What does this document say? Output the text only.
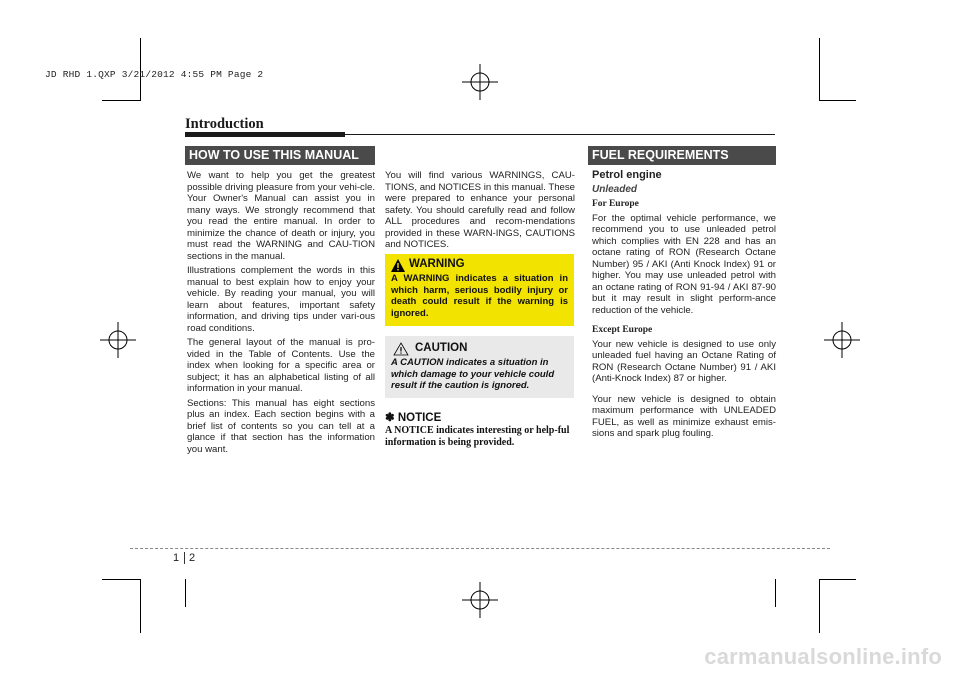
JD RHD 1.QXP 3/21/2012 4:55 PM Page 2
Introduction
HOW TO USE THIS MANUAL	FUEL REQUIREMENTS

We want to help you get the greatest possible driving pleasure from your vehi-cle. Your Owner's Manual can assist you in many ways. We strongly recommend that you read the entire manual. In order to minimize the chance of death or injury, you must read the WARNING and CAU-TION sections in the manual.

Illustrations complement the words in this manual to best explain how to enjoy your vehicle. By reading your manual, you will learn about features, important safety information, and driving tips under vari-ous road conditions.

The general layout of the manual is pro-vided in the Table of Contents. Use the index when looking for a specific area or subject; it has an alphabetical listing of all information in your manual.

Sections: This manual has eight sections plus an index. Each section begins with a brief list of contents so you can tell at a glance if that section has the information you want.

You will find various WARNINGS, CAU-TIONS, and NOTICES in this manual. These were prepared to enhance your personal safety. You should carefully read and follow ALL procedures and recom-mendations provided in these WARN-INGS, CAUTIONS and NOTICES.
WARNING
A WARNING indicates a situation in which harm, serious bodily injury or death could result if the warning is ignored.
CAUTION
A CAUTION indicates a situation in which damage to your vehicle could result if the caution is ignored.
✽ NOTICE
A NOTICE indicates interesting or help-ful information is being provided.
Petrol engine
Unleaded
For Europe

For the optimal vehicle performance, we recommend you to use unleaded petrol which complies with EN 228 and has an octane rating of RON (Research Octane Number) 95 / AKI (Anti Knock Index) 91 or higher. You may use unleaded petrol with an octane rating of RON 91-94 / AKI 87-90 but it may result in slight perform-ance reduction of the vehicle.

Except Europe

Your new vehicle is designed to use only unleaded fuel having an Octane Rating of RON (Research Octane Number) 91 / AKI (Anti-Knock Index) 87 or higher.

Your new vehicle is designed to obtain maximum performance with UNLEADED FUEL, as well as minimize exhaust emis-sions and spark plug fouling.

1 2
carmanualsonline.info
